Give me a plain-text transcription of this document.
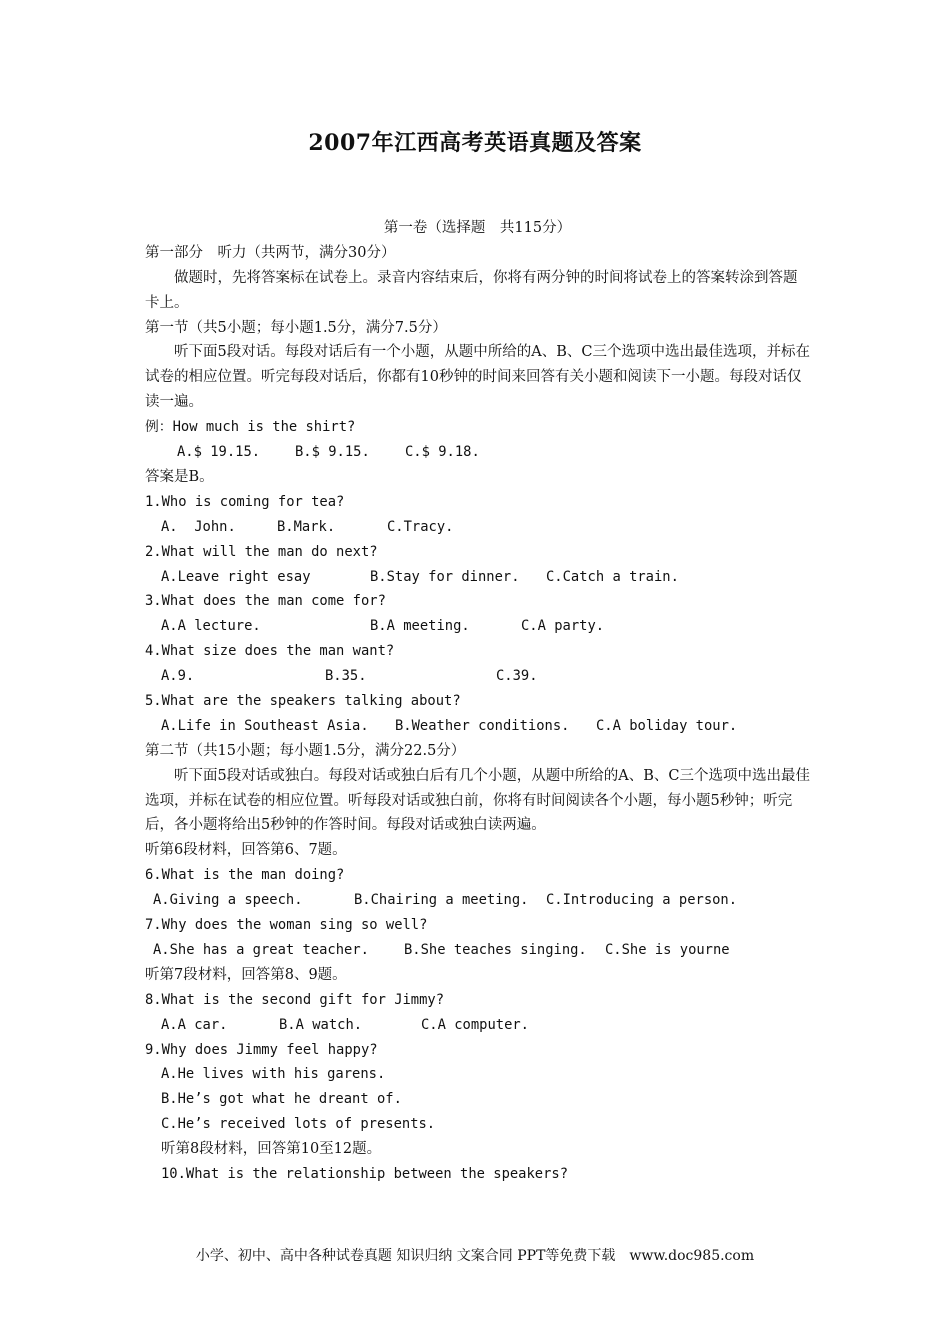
2007年江西高考英语真题及答案
第一卷（选择题　共115分）
第一部分　听力（共两节，满分30分）
做题时，先将答案标在试卷上。录音内容结束后，你将有两分钟的时间将试卷上的答案转涂到答题卡上。
第一节（共5小题；每小题1.5分，满分7.5分）
听下面5段对话。每段对话后有一个小题，从题中所给的A、B、C三个选项中选出最佳选项，并标在试卷的相应位置。听完每段对话后，你都有10秒钟的时间来回答有关小题和阅读下一小题。每段对话仅读一遍。
例：How much is the shirt?
A.$ 19.15.	B.$ 9.15.	C.$ 9.18.
答案是B。
1.Who is coming for tea?
A.  John.	B.Mark.	C.Tracy.
2.What will the man do next?
A.Leave right esay	B.Stay for dinner.	C.Catch a train.
3.What does the man come for?
A.A lecture.	B.A meeting.	C.A party.
4.What size does the man want?
A.9.	B.35.	C.39.
5.What are the speakers talking about?
A.Life in Southeast Asia.	B.Weather conditions.	C.A boliday tour.
第二节（共15小题；每小题1.5分，满分22.5分）
听下面5段对话或独白。每段对话或独白后有几个小题，从题中所给的A、B、C三个选项中选出最佳选项，并标在试卷的相应位置。听每段对话或独白前，你将有时间阅读各个小题，每小题5秒钟；听完后，各小题将给出5秒钟的作答时间。每段对话或独白读两遍。
听第6段材料，回答第6、7题。
6.What is the man doing?
A.Giving a speech.	B.Chairing a meeting.	C.Introducing a person.
7.Why does the woman sing so well?
A.She has a great teacher.	B.She teaches singing.	C.She is yourne
听第7段材料，回答第8、9题。
8.What is the second gift for Jimmy?
A.A car.	B.A watch.	C.A computer.
9.Why does Jimmy feel happy?
A.He lives with his garens.
B.He’s got what he dreant of.
C.He’s received lots of presents.
听第8段材料，回答第10至12题。
10.What is the relationship between the speakers?
小学、初中、高中各种试卷真题 知识归纳 文案合同 PPT等免费下载　www.doc985.com
